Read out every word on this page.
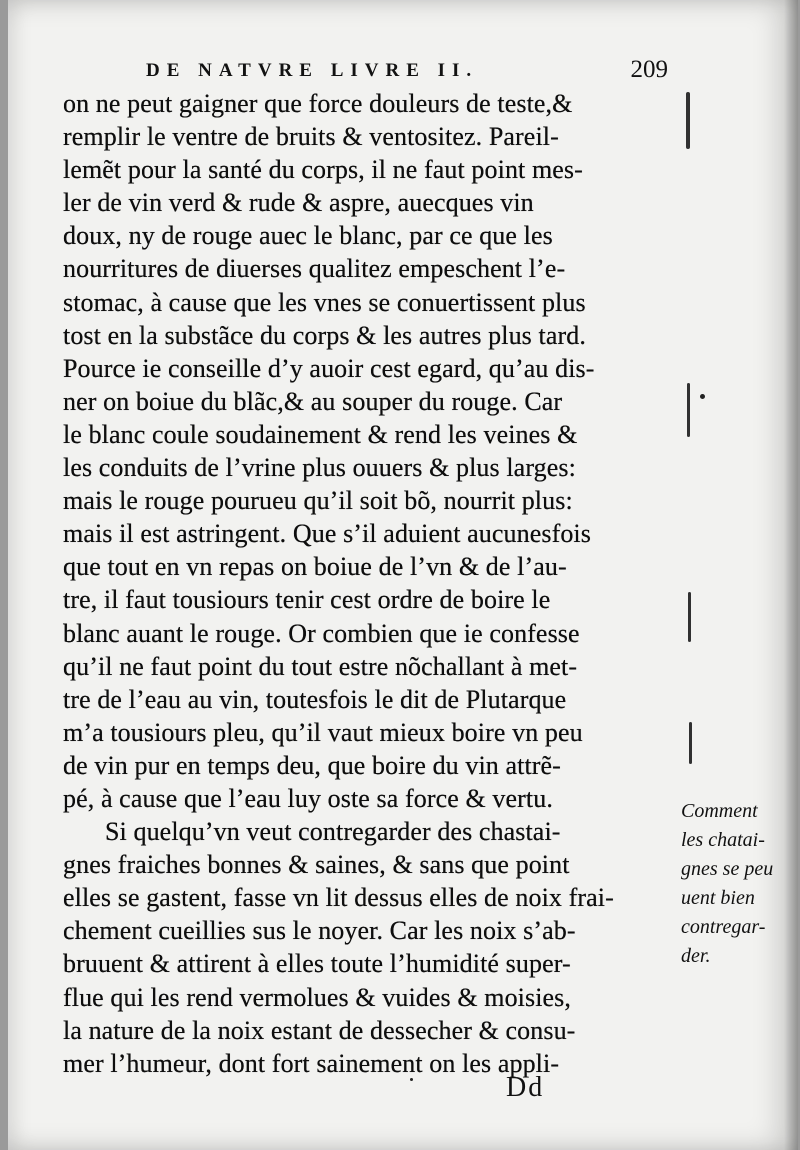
DE NATVRE LIVRE II.	209
on ne peut gaigner que force douleurs de teste,&
remplir le ventre de bruits & ventositez. Pareil-
lemẽt pour la santé du corps, il ne faut point mes-
ler de vin verd & rude & aspre, auecques vin
doux, ny de rouge auec le blanc, par ce que les
nourritures de diuerses qualitez empeschent l’e-
stomac, à cause que les vnes se conuertissent plus
tost en la substãce du corps & les autres plus tard.
Pource ie conseille d’y auoir cest egard, qu’au dis-
ner on boiue du blãc,& au souper du rouge. Car
le blanc coule soudainement & rend les veines &
les conduits de l’vrine plus ouuers & plus larges:
mais le rouge pourueu qu’il soit bõ, nourrit plus:
mais il est astringent. Que s’il aduient aucunesfois
que tout en vn repas on boiue de l’vn & de l’au-
tre, il faut tousiours tenir cest ordre de boire le
blanc auant le rouge. Or combien que ie confesse
qu’il ne faut point du tout estre nõchallant à met-
tre de l’eau au vin, toutesfois le dit de Plutarque
m’a tousiours pleu, qu’il vaut mieux boire vn peu
de vin pur en temps deu, que boire du vin attrẽ-
pé, à cause que l’eau luy oste sa force & vertu.
Si quelqu’vn veut contregarder des chastai-
gnes fraiches bonnes & saines, & sans que point
elles se gastent, fasse vn lit dessus elles de noix frai-
chement cueillies sus le noyer. Car les noix s’ab-
bruuent & attirent à elles toute l’humidité super-
flue qui les rend vermolues & vuides & moisies,
la nature de la noix estant de dessecher & consu-
mer l’humeur, dont fort sainement on les appli-
Comment
les chatai-
gnes se peu
uent bien
contregar-
der.
Dd
